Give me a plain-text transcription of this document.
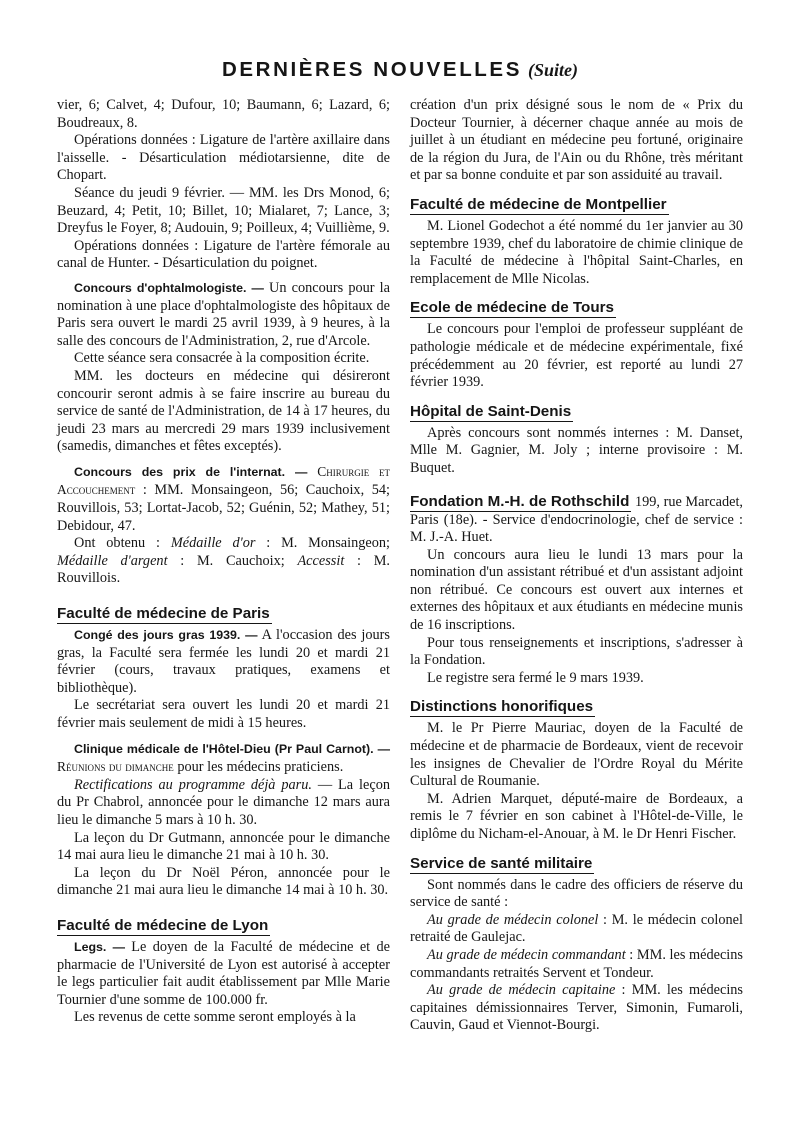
DERNIÈRES NOUVELLES (Suite)

vier, 6; Calvet, 4; Dufour, 10; Baumann, 6; Lazard, 6; Boudreaux, 8.

Opérations données : Ligature de l'artère axillaire dans l'aisselle. - Désarticulation médiotarsienne, dite de Chopart.

Séance du jeudi 9 février. — MM. les Drs Monod, 6; Beuzard, 4; Petit, 10; Billet, 10; Mialaret, 7; Lance, 3; Dreyfus le Foyer, 8; Audouin, 9; Poilleux, 4; Vuillième, 9.

Opérations données : Ligature de l'artère fémorale au canal de Hunter. - Désarticulation du poignet.

Concours d'ophtalmologiste. — Un concours pour la nomination à une place d'ophtalmologiste des hôpitaux de Paris sera ouvert le mardi 25 avril 1939, à 9 heures, à la salle des concours de l'Administration, 2, rue d'Arcole.

Cette séance sera consacrée à la composition écrite.

MM. les docteurs en médecine qui désireront concourir seront admis à se faire inscrire au bureau du service de santé de l'Administration, de 14 à 17 heures, du jeudi 23 mars au mercredi 29 mars 1939 inclusivement (samedis, dimanches et fêtes exceptés).

Concours des prix de l'internat. — Chirurgie et Accouchement : MM. Monsaingeon, 56; Cauchoix, 54; Rouvillois, 53; Lortat-Jacob, 52; Guénin, 52; Mathey, 51; Debidour, 47.

Ont obtenu : Médaille d'or : M. Monsaingeon; Médaille d'argent : M. Cauchoix; Accessit : M. Rouvillois.

Faculté de médecine de Paris

Congé des jours gras 1939. — A l'occasion des jours gras, la Faculté sera fermée les lundi 20 et mardi 21 février (cours, travaux pratiques, examens et bibliothèque).

Le secrétariat sera ouvert les lundi 20 et mardi 21 février mais seulement de midi à 15 heures.

Clinique médicale de l'Hôtel-Dieu (Pr Paul Carnot). — Réunions du dimanche pour les médecins praticiens.

Rectifications au programme déjà paru. — La leçon du Pr Chabrol, annoncée pour le dimanche 12 mars aura lieu le dimanche 5 mars à 10 h. 30.

La leçon du Dr Gutmann, annoncée pour le dimanche 14 mai aura lieu le dimanche 21 mai à 10 h. 30.

La leçon du Dr Noël Péron, annoncée pour le dimanche 21 mai aura lieu le dimanche 14 mai à 10 h. 30.

Faculté de médecine de Lyon

Legs. — Le doyen de la Faculté de médecine et de pharmacie de l'Université de Lyon est autorisé à accepter le legs particulier fait audit établissement par Mlle Marie Tournier d'une somme de 100.000 fr.

Les revenus de cette somme seront employés à la

création d'un prix désigné sous le nom de « Prix du Docteur Tournier, à décerner chaque année au mois de juillet à un étudiant en médecine peu fortuné, originaire de la région du Jura, de l'Ain ou du Rhône, très méritant et par sa bonne conduite et par son assiduité au travail.

Faculté de médecine de Montpellier

M. Lionel Godechot a été nommé du 1er janvier au 30 septembre 1939, chef du laboratoire de chimie clinique de la Faculté de médecine à l'hôpital Saint-Charles, en remplacement de Mlle Nicolas.

Ecole de médecine de Tours

Le concours pour l'emploi de professeur suppléant de pathologie médicale et de médecine expérimentale, fixé précédemment au 20 février, est reporté au lundi 27 février 1939.

Hôpital de Saint-Denis

Après concours sont nommés internes : M. Danset, Mlle M. Gagnier, M. Joly ; interne provisoire : M. Buquet.

Fondation M.-H. de Rothschild 199, rue Marcadet, Paris (18e). - Service d'endocrinologie, chef de service : M. J.-A. Huet.

Un concours aura lieu le lundi 13 mars pour la nomination d'un assistant rétribué et d'un assistant adjoint non rétribué. Ce concours est ouvert aux internes et externes des hôpitaux et aux étudiants en médecine munis de 16 inscriptions.

Pour tous renseignements et inscriptions, s'adresser à la Fondation.

Le registre sera fermé le 9 mars 1939.

Distinctions honorifiques

M. le Pr Pierre Mauriac, doyen de la Faculté de médecine et de pharmacie de Bordeaux, vient de recevoir les insignes de Chevalier de l'Ordre Royal du Mérite Cultural de Roumanie.

M. Adrien Marquet, député-maire de Bordeaux, a remis le 7 février en son cabinet à l'Hôtel-de-Ville, le diplôme du Nicham-el-Anouar, à M. le Dr Henri Fischer.

Service de santé militaire

Sont nommés dans le cadre des officiers de réserve du service de santé :

Au grade de médecin colonel : M. le médecin colonel retraité de Gaulejac.

Au grade de médecin commandant : MM. les médecins commandants retraités Servent et Tondeur.

Au grade de médecin capitaine : MM. les médecins capitaines démissionnaires Terver, Simonin, Fumaroli, Cauvin, Gaud et Viennot-Bourgi.
